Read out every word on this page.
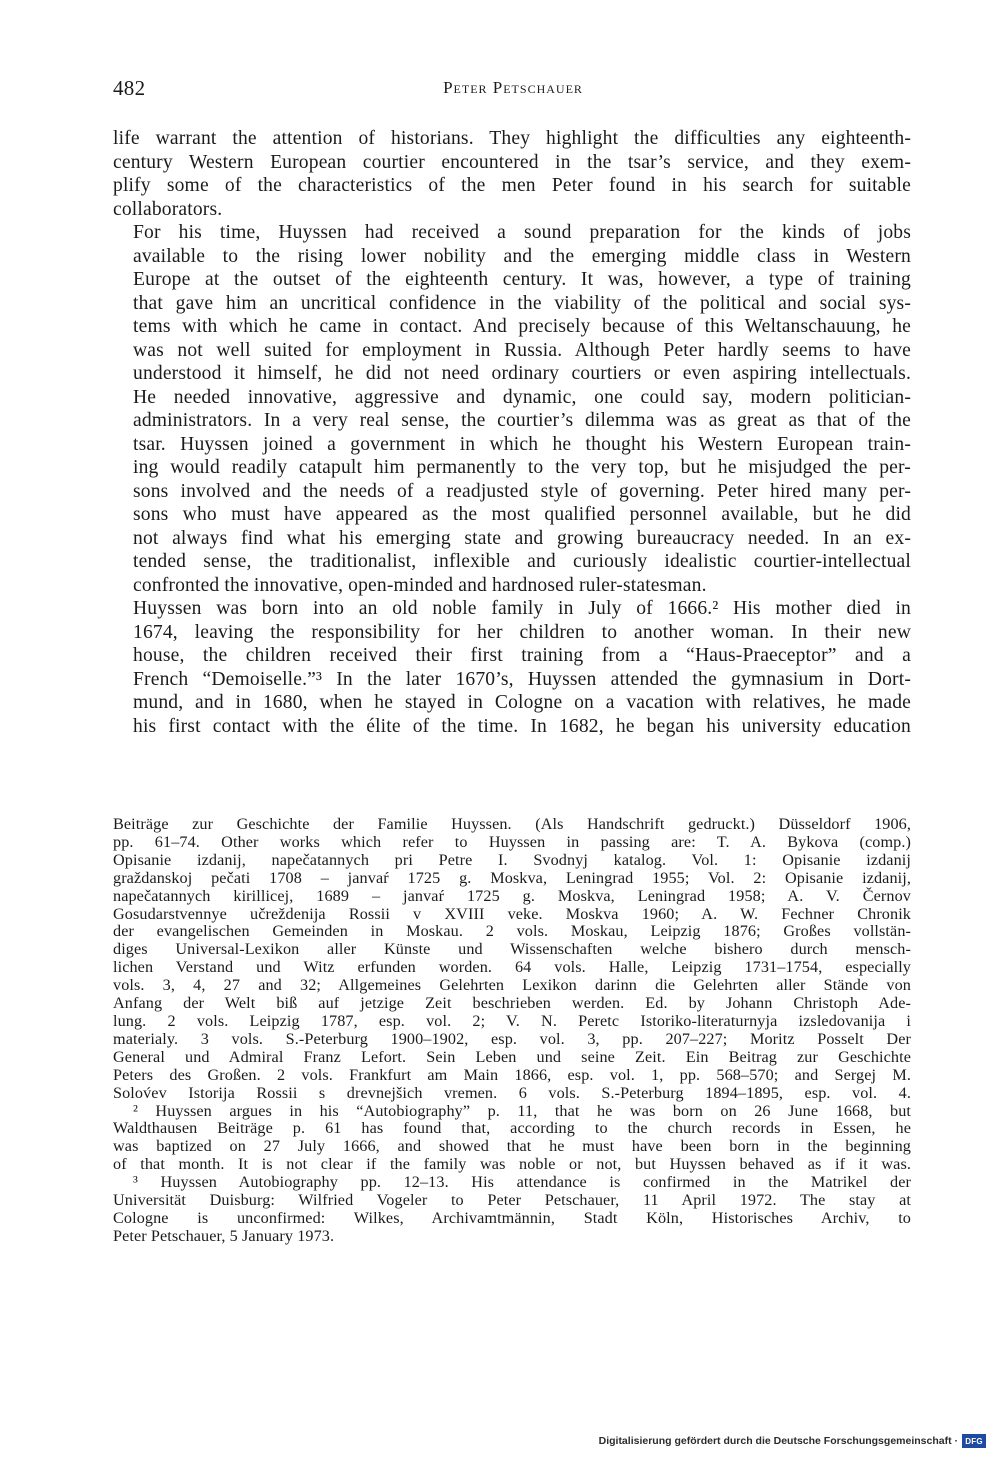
482	Peter Petschauer

life warrant the attention of historians. They highlight the difficulties any eighteenth-
century Western European courtier encountered in the tsar’s service, and they exem-
plify some of the characteristics of the men Peter found in his search for suitable
collaborators.

For his time, Huyssen had received a sound preparation for the kinds of jobs
available to the rising lower nobility and the emerging middle class in Western
Europe at the outset of the eighteenth century. It was, however, a type of training
that gave him an uncritical confidence in the viability of the political and social sys-
tems with which he came in contact. And precisely because of this Weltanschauung, he
was not well suited for employment in Russia. Although Peter hardly seems to have
understood it himself, he did not need ordinary courtiers or even aspiring intellectuals.
He needed innovative, aggressive and dynamic, one could say, modern politician-
administrators. In a very real sense, the courtier’s dilemma was as great as that of the
tsar. Huyssen joined a government in which he thought his Western European train-
ing would readily catapult him permanently to the very top, but he misjudged the per-
sons involved and the needs of a readjusted style of governing. Peter hired many per-
sons who must have appeared as the most qualified personnel available, but he did
not always find what his emerging state and growing bureaucracy needed. In an ex-
tended sense, the traditionalist, inflexible and curiously idealistic courtier-intellectual
confronted the innovative, open-minded and hardnosed ruler-statesman.

Huyssen was born into an old noble family in July of 1666.² His mother died in
1674, leaving the responsibility for her children to another woman. In their new
house, the children received their first training from a “Haus-Praeceptor” and a
French “Demoiselle.”³ In the later 1670’s, Huyssen attended the gymnasium in Dort-
mund, and in 1680, when he stayed in Cologne on a vacation with relatives, he made
his first contact with the élite of the time. In 1682, he began his university education

Beiträge zur Geschichte der Familie Huyssen. (Als Handschrift gedruckt.) Düsseldorf 1906,
pp. 61–74. Other works which refer to Huyssen in passing are: T. A. Bykova (comp.)
Opisanie izdanij, napečatannych pri Petre I. Svodnyj katalog. Vol. 1: Opisanie izdanij
graždanskoj pečati 1708 – janvaŕ 1725 g. Moskva, Leningrad 1955; Vol. 2: Opisanie izdanij,
napečatannych kirillicej, 1689 – janvaŕ 1725 g. Moskva, Leningrad 1958; A. V. Černov
Gosudarstvennye učreždenija Rossii v XVIII veke. Moskva 1960; A. W. Fechner Chronik
der evangelischen Gemeinden in Moskau. 2 vols. Moskau, Leipzig 1876; Großes vollstän-
diges Universal-Lexikon aller Künste und Wissenschaften welche bishero durch mensch-
lichen Verstand und Witz erfunden worden. 64 vols. Halle, Leipzig 1731–1754, especially
vols. 3, 4, 27 and 32; Allgemeines Gelehrten Lexikon darinn die Gelehrten aller Stände von
Anfang der Welt biß auf jetzige Zeit beschrieben werden. Ed. by Johann Christoph Ade-
lung. 2 vols. Leipzig 1787, esp. vol. 2; V. N. Peretc Istoriko-literaturnyja izsledovanija i
materialy. 3 vols. S.-Peterburg 1900–1902, esp. vol. 3, pp. 207–227; Moritz Posselt Der
General und Admiral Franz Lefort. Sein Leben und seine Zeit. Ein Beitrag zur Geschichte
Peters des Großen. 2 vols. Frankfurt am Main 1866, esp. vol. 1, pp. 568–570; and Sergej M.
Solov́ev Istorija Rossii s drevnejšich vremen. 6 vols. S.-Peterburg 1894–1895, esp. vol. 4.
² Huyssen argues in his “Autobiography” p. 11, that he was born on 26 June 1668, but
Waldthausen Beiträge p. 61 has found that, according to the church records in Essen, he
was baptized on 27 July 1666, and showed that he must have been born in the beginning
of that month. It is not clear if the family was noble or not, but Huyssen behaved as if it was.
³ Huyssen Autobiography pp. 12–13. His attendance is confirmed in the Matrikel der
Universität Duisburg: Wilfried Vogeler to Peter Petschauer, 11 April 1972. The stay at
Cologne is unconfirmed: Wilkes, Archivamtmännin, Stadt Köln, Historisches Archiv, to
Peter Petschauer, 5 January 1973.
Digitalisierung gefördert durch die Deutsche Forschungsgemeinschaft · DFG
